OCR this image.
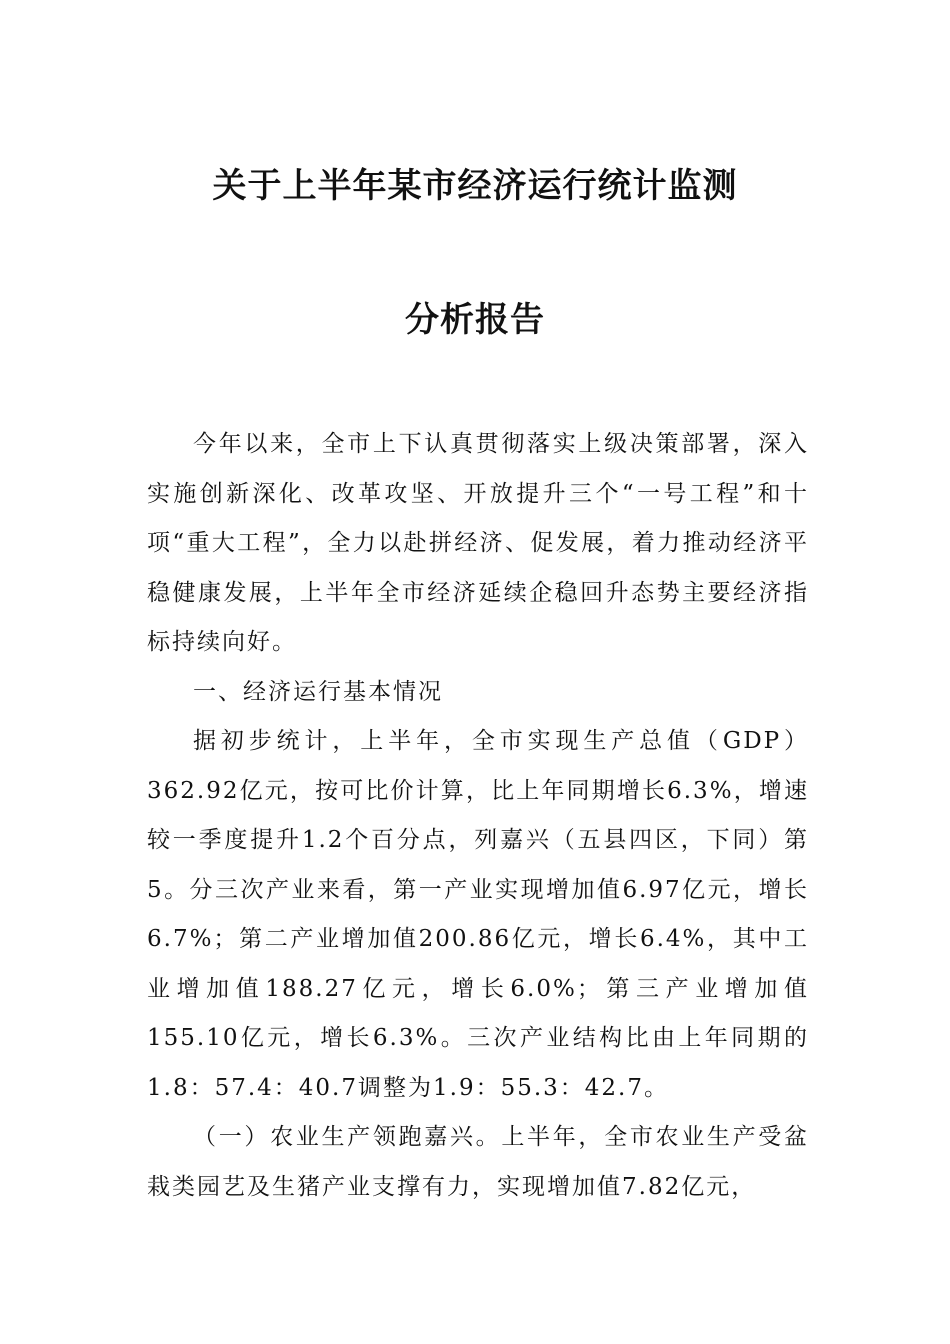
关于上半年某市经济运行统计监测
分析报告

今年以来，全市上下认真贯彻落实上级决策部署，深入实施创新深化、改革攻坚、开放提升三个“一号工程”和十项“重大工程”，全力以赴拼经济、促发展，着力推动经济平稳健康发展，上半年全市经济延续企稳回升态势主要经济指标持续向好。

一、经济运行基本情况

据初步统计，上半年，全市实现生产总值（GDP）362.92亿元，按可比价计算，比上年同期增长6.3%，增速较一季度提升1.2个百分点，列嘉兴（五县四区，下同）第5。分三次产业来看，第一产业实现增加值6.97亿元，增长6.7%；第二产业增加值200.86亿元，增长6.4%，其中工业增加值188.27亿元，增长6.0%；第三产业增加值155.10亿元，增长6.3%。三次产业结构比由上年同期的1.8：57.4：40.7调整为1.9：55.3：42.7。

（一）农业生产领跑嘉兴。上半年，全市农业生产受盆栽类园艺及生猪产业支撑有力，实现增加值7.82亿元，
